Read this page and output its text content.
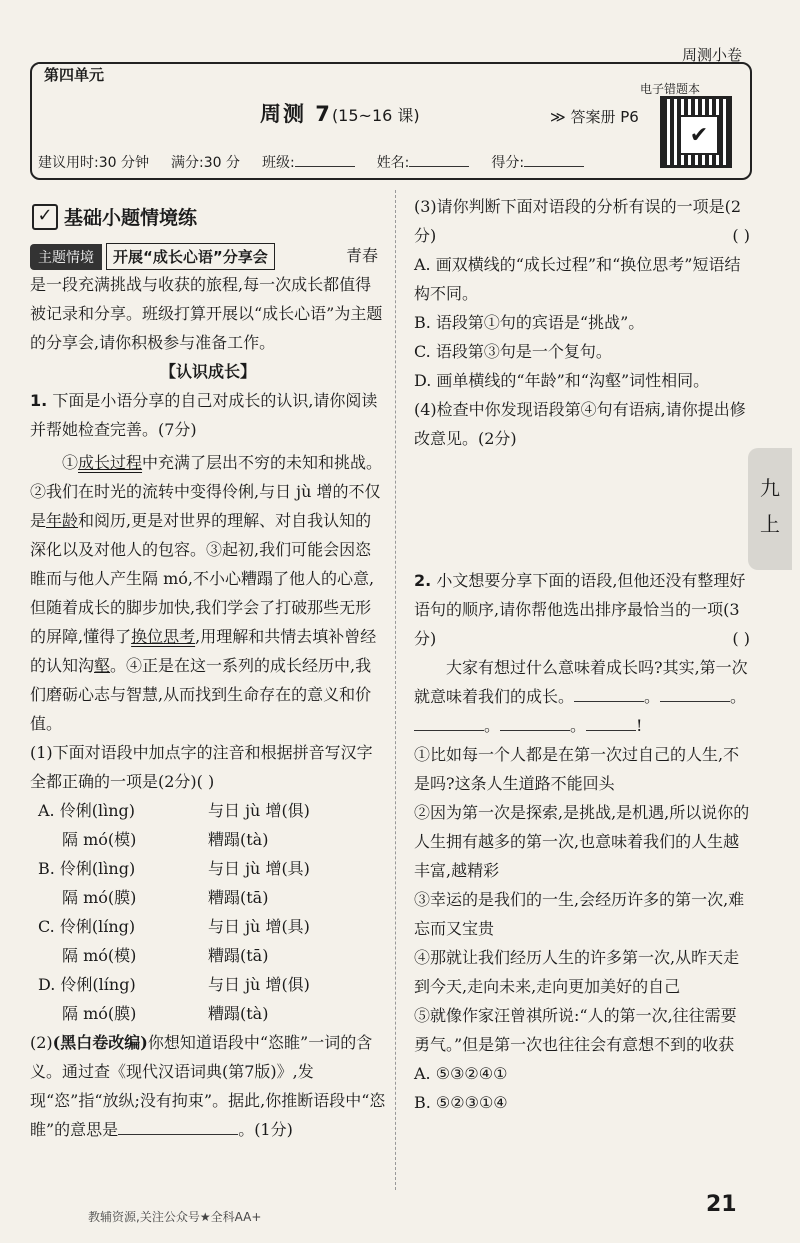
周测小卷
第四单元
周测 7(15~16 课)	≫ 答案册 P6
电子错题本
✔
建议用时:30 分钟 满分:30 分 班级:	姓名:	得分:
✓ 基础小题情境练
主题情境	开展“成长心语”分享会	青春是一段充满挑战与收获的旅程,每一次成长都值得被记录和分享。班级打算开展以“成长心语”为主题的分享会,请你积极参与准备工作。
【认识成长】
1. 下面是小语分享的自己对成长的认识,请你阅读并帮她检查完善。(7分)
①成长过程中充满了层出不穷的未知和挑战。②我们在时光的流转中变得伶俐,与日 jù 增的不仅是年龄和阅历,更是对世界的理解、对自我认知的深化以及对他人的包容。③起初,我们可能会因恣睢而与他人产生隔 mó,不小心糟蹋了他人的心意,但随着成长的脚步加快,我们学会了打破那些无形的屏障,懂得了换位思考,用理解和共情去填补曾经的认知沟壑。④正是在这一系列的成长经历中,我们磨砺心志与智慧,从而找到生命存在的意义和价值。
(1)下面对语段中加点字的注音和根据拼音写汉字全都正确的一项是(2分)( )
A. 伶俐(lìng)	与日 jù 增(俱)
隔 mó(模)	糟蹋(tà)
B. 伶俐(lìng)	与日 jù 增(具)
隔 mó(膜)	糟蹋(tā)
C. 伶俐(líng)	与日 jù 增(具)
隔 mó(模)	糟蹋(tā)
D. 伶俐(líng)	与日 jù 增(俱)
隔 mó(膜)	糟蹋(tà)
(2)(黑白卷改编)你想知道语段中“恣睢”一词的含义。通过查《现代汉语词典(第7版)》,发现“恣”指“放纵;没有拘束”。据此,你推断语段中“恣睢”的意思是	。(1分)
(3)请你判断下面对语段的分析有误的一项是(2分)	( )
A. 画双横线的“成长过程”和“换位思考”短语结构不同。
B. 语段第①句的宾语是“挑战”。
C. 语段第③句是一个复句。
D. 画单横线的“年龄”和“沟壑”词性相同。
(4)检查中你发现语段第④句有语病,请你提出修改意见。(2分)
2. 小文想要分享下面的语段,但他还没有整理好语句的顺序,请你帮他选出排序最恰当的一项(3分)	( )
大家有想过什么意味着成长吗?其实,第一次就意味着我们的成长。	。	。。	。	!
①比如每一个人都是在第一次过自己的人生,不是吗?这条人生道路不能回头
②因为第一次是探索,是挑战,是机遇,所以说你的人生拥有越多的第一次,也意味着我们的人生越丰富,越精彩
③幸运的是我们的一生,会经历许多的第一次,难忘而又宝贵
④那就让我们经历人生的许多第一次,从昨天走到今天,走向未来,走向更加美好的自己
⑤就像作家汪曾祺所说:“人的第一次,往往需要勇气。”但是第一次也往往会有意想不到的收获
A. ⑤③②④①
B. ⑤②③①④
九
上
21
教辅资源,关注公众号★全科AA+
